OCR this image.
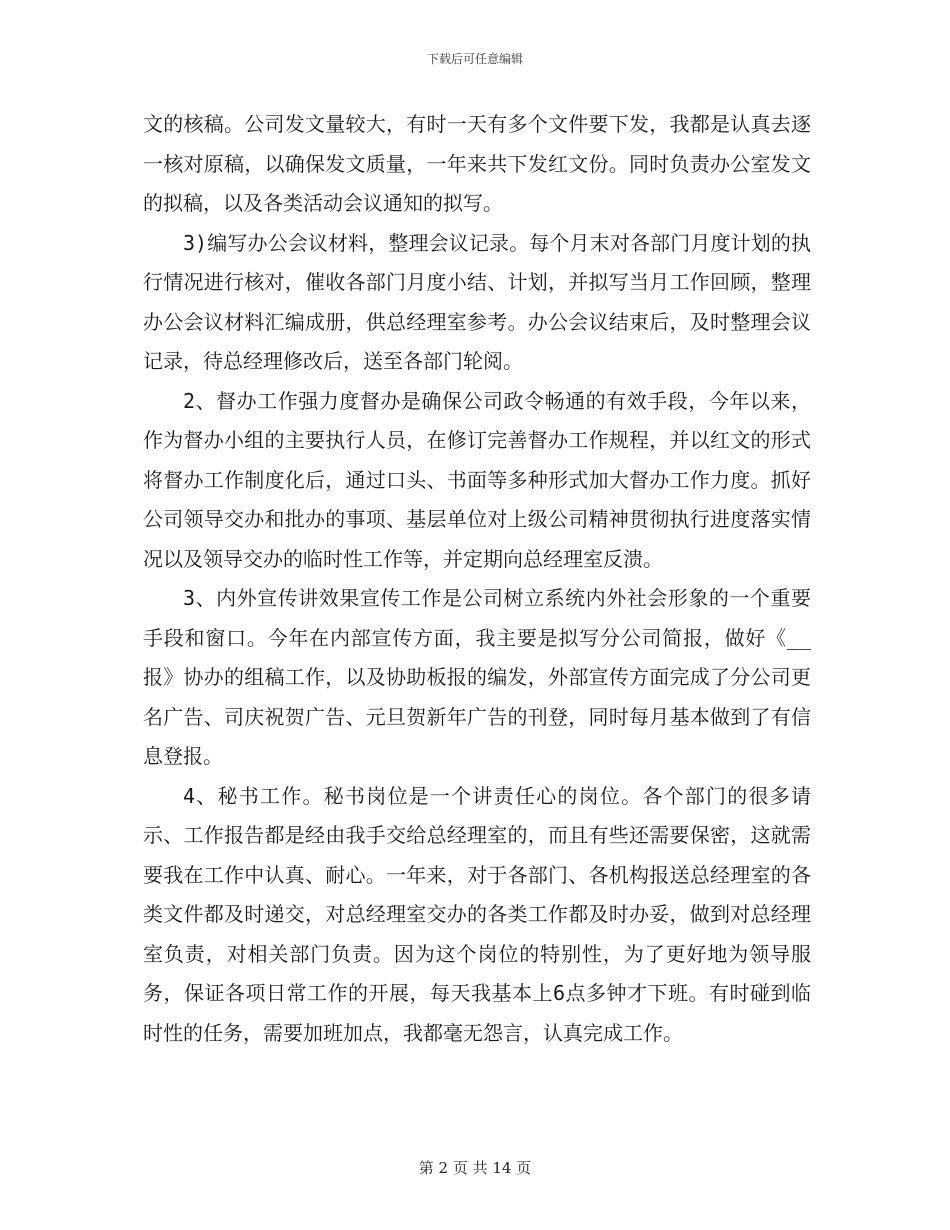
下载后可任意编辑

文的核稿。公司发文量较大，有时一天有多个文件要下发，我都是认真去逐一核对原稿，以确保发文质量，一年来共下发红文份。同时负责办公室发文的拟稿，以及各类活动会议通知的拟写。

3)编写办公会议材料，整理会议记录。每个月末对各部门月度计划的执行情况进行核对，催收各部门月度小结、计划，并拟写当月工作回顾，整理办公会议材料汇编成册，供总经理室参考。办公会议结束后，及时整理会议记录，待总经理修改后，送至各部门轮阅。

2、督办工作强力度督办是确保公司政令畅通的有效手段，今年以来，作为督办小组的主要执行人员，在修订完善督办工作规程，并以红文的形式将督办工作制度化后，通过口头、书面等多种形式加大督办工作力度。抓好公司领导交办和批办的事项、基层单位对上级公司精神贯彻执行进度落实情况以及领导交办的临时性工作等，并定期向总经理室反溃。

3、内外宣传讲效果宣传工作是公司树立系统内外社会形象的一个重要手段和窗口。今年在内部宣传方面，我主要是拟写分公司简报，做好《__报》协办的组稿工作，以及协助板报的编发，外部宣传方面完成了分公司更名广告、司庆祝贺广告、元旦贺新年广告的刊登，同时每月基本做到了有信息登报。

4、秘书工作。秘书岗位是一个讲责任心的岗位。各个部门的很多请示、工作报告都是经由我手交给总经理室的，而且有些还需要保密，这就需要我在工作中认真、耐心。一年来，对于各部门、各机构报送总经理室的各类文件都及时递交，对总经理室交办的各类工作都及时办妥，做到对总经理室负责，对相关部门负责。因为这个岗位的特别性，为了更好地为领导服务，保证各项日常工作的开展，每天我基本上6点多钟才下班。有时碰到临时性的任务，需要加班加点，我都毫无怨言，认真完成工作。

第 2 页 共 14 页
